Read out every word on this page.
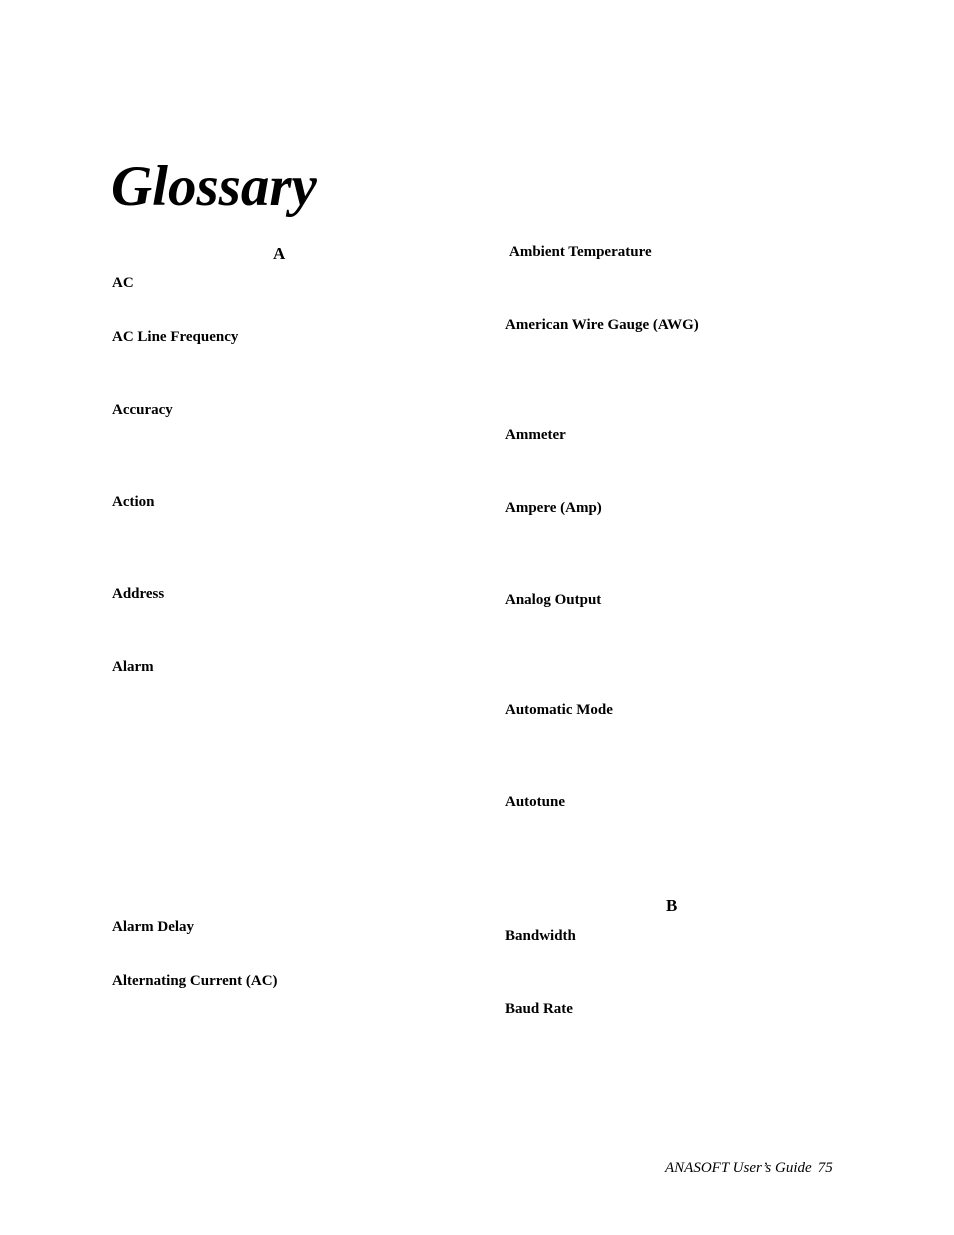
Glossary
A
B
AC
AC Line Frequency
Accuracy
Action
Address
Alarm
Alarm Delay
Alternating Current (AC)
Ambient Temperature
American Wire Gauge (AWG)
Ammeter
Ampere (Amp)
Analog Output
Automatic Mode
Autotune
Bandwidth
Baud Rate
ANASOFT User’s Guide 75
